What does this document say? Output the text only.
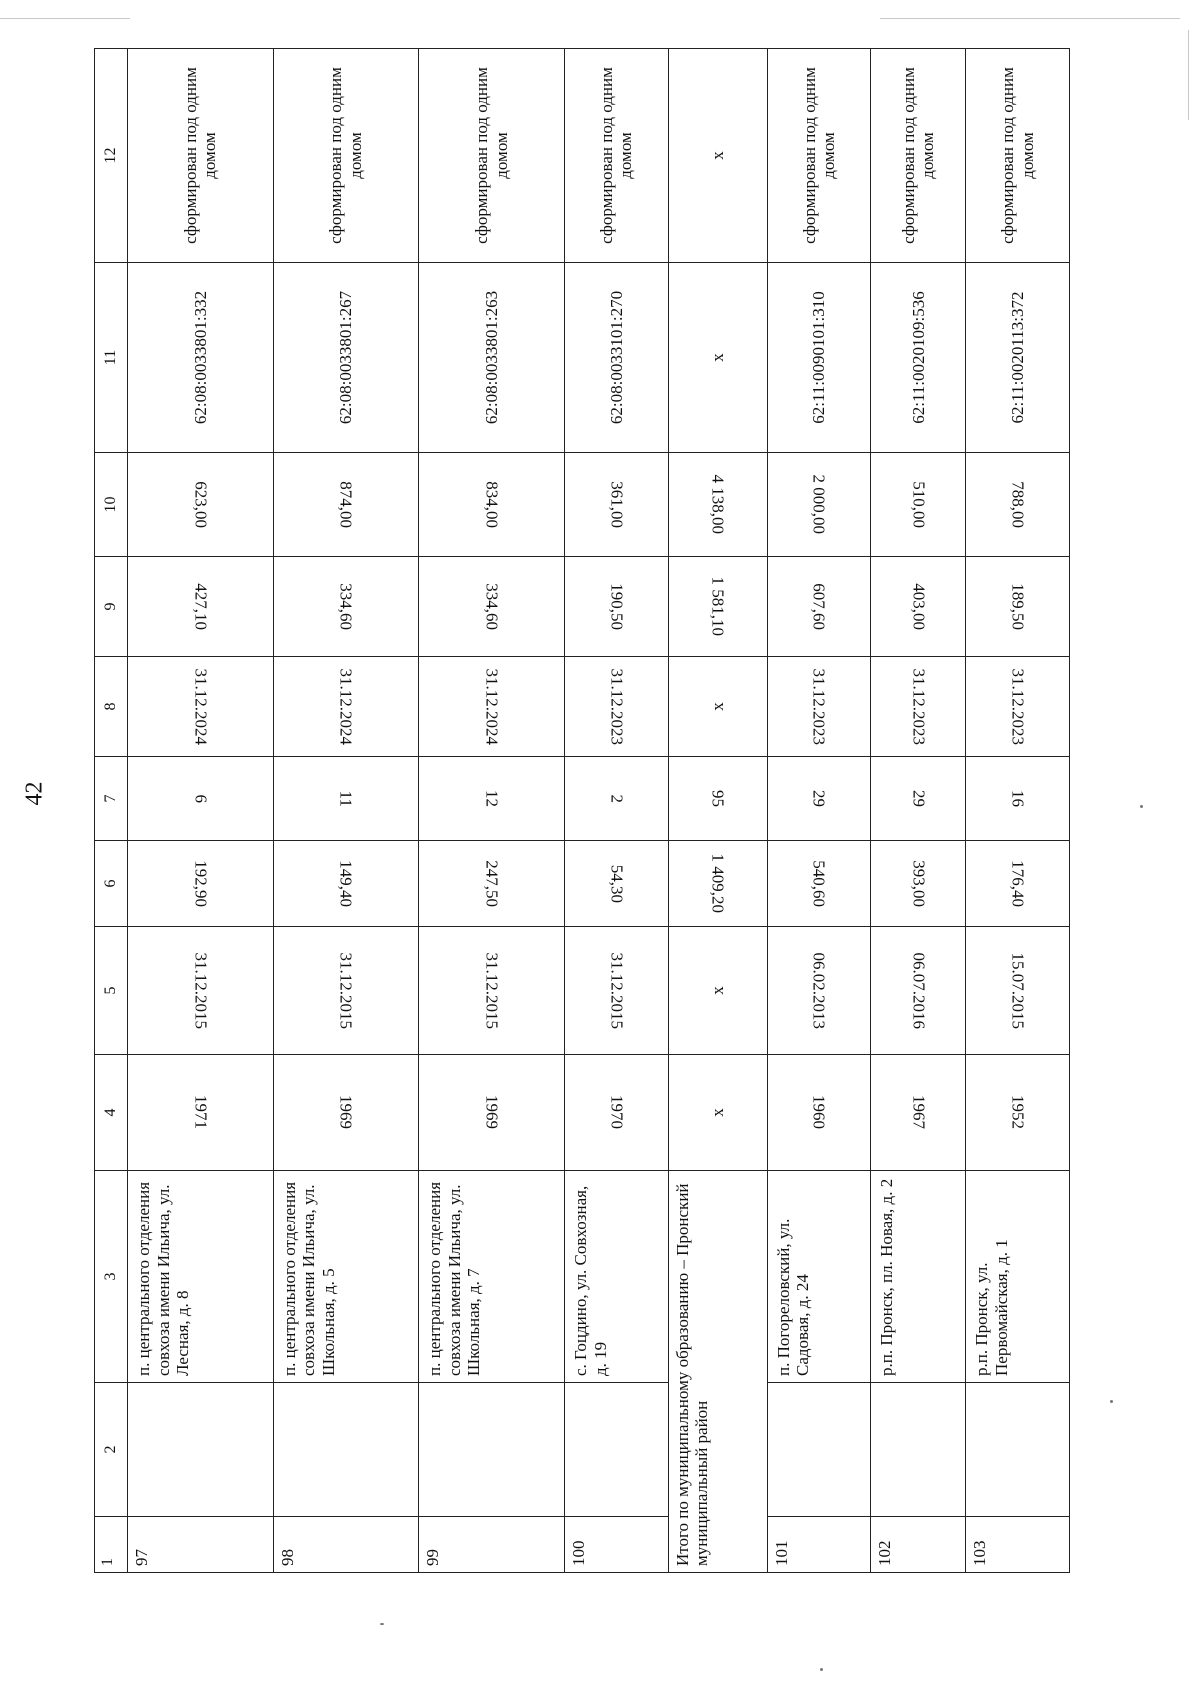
42
1	2	3	4	5	6	7	8	9	10	11	12
97		п. центрального отделения совхоза имени Ильича, ул. Лесная, д. 8	1971	31.12.2015	192,90	6	31.12.2024	427,10	623,00	62:08:0033801:332	сформирован под одним домом
98		п. центрального отделения совхоза имени Ильича, ул. Школьная, д. 5	1969	31.12.2015	149,40	11	31.12.2024	334,60	874,00	62:08:0033801:267	сформирован под одним домом
99		п. центрального отделения совхоза имени Ильича, ул. Школьная, д. 7	1969	31.12.2015	247,50	12	31.12.2024	334,60	834,00	62:08:0033801:263	сформирован под одним домом
100		с. Гоцдино, ул. Совхозная, д. 19	1970	31.12.2015	54,30	2	31.12.2023	190,50	361,00	62:08:0033101:270	сформирован под одним домом
Итого по муниципальному образованию – Пронский муниципальный район			x	x	1 409,20	95	x	1 581,10	4 138,00	x	x
101		п. Погореловский, ул. Садовая, д. 24	1960	06.02.2013	540,60	29	31.12.2023	607,60	2 000,00	62:11:0090101:310	сформирован под одним домом
102		р.п. Пронск, пл. Новая, д. 2	1967	06.07.2016	393,00	29	31.12.2023	403,00	510,00	62:11:0020109:536	сформирован под одним домом
103		р.п. Пронск, ул. Первомайская, д. 1	1952	15.07.2015	176,40	16	31.12.2023	189,50	788,00	62:11:0020113:372	сформирован под одним домом
